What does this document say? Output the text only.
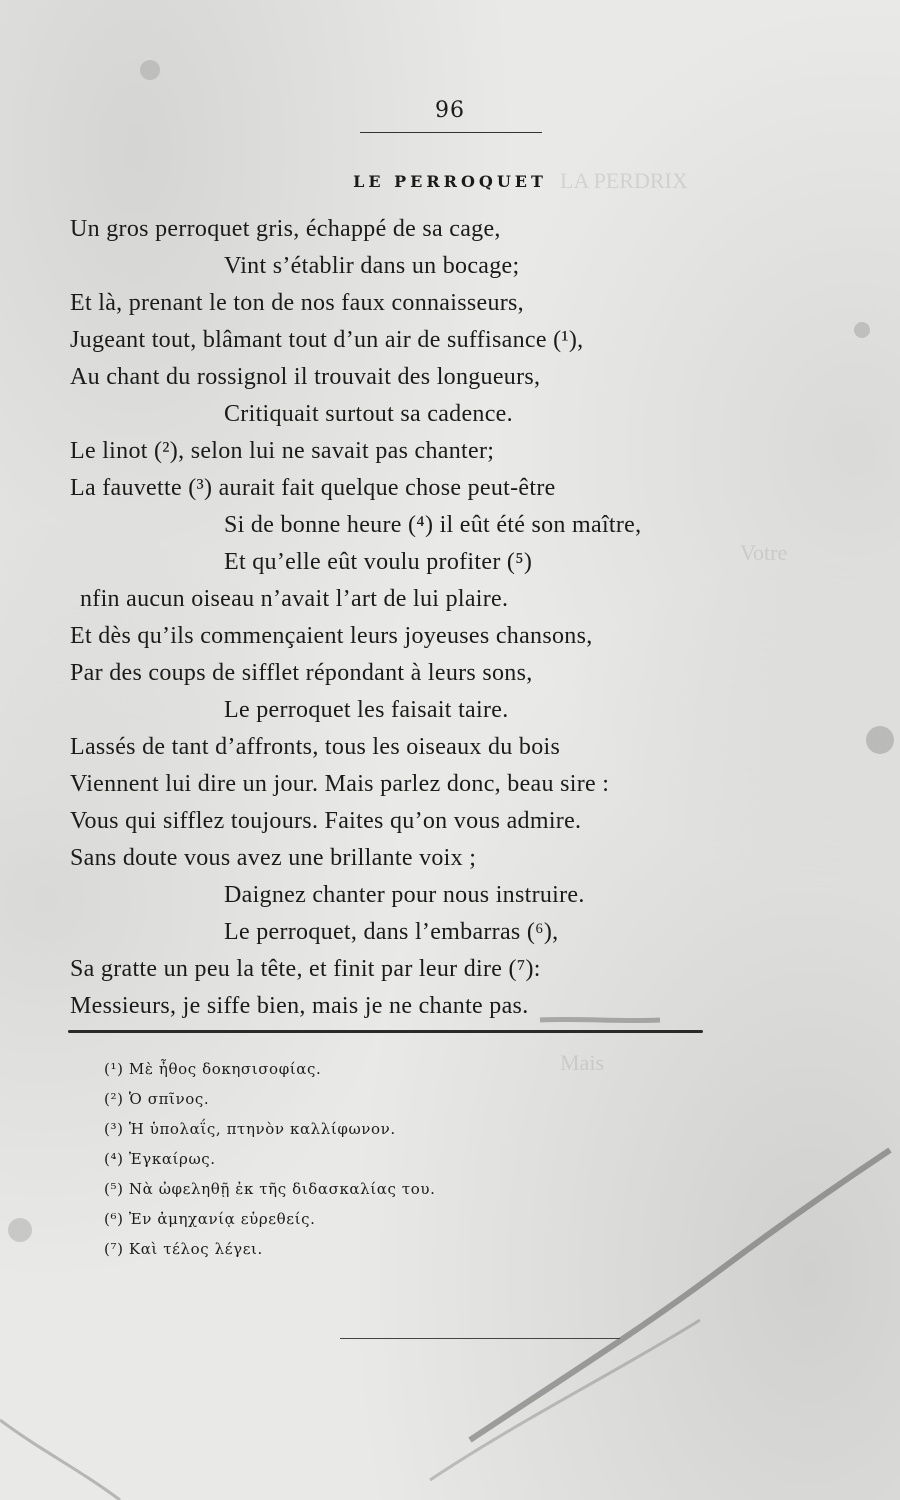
LA PERDRIX
Votre
Mais
96
LE PERROQUET
Un gros perroquet gris, échappé de sa cage,
Vint s’établir dans un bocage;
Et là, prenant le ton de nos faux connaisseurs,
Jugeant tout, blâmant tout d’un air de suffisance (¹),
Au chant du rossignol il trouvait des longueurs,
Critiquait surtout sa cadence.
Le linot (²), selon lui ne savait pas chanter;
La fauvette (³) aurait fait quelque chose peut-être
Si de bonne heure (⁴) il eût été son maître,
Et qu’elle eût voulu profiter (⁵)
nfin aucun oiseau n’avait l’art de lui plaire.
Et dès qu’ils commençaient leurs joyeuses chansons,
Par des coups de sifflet répondant à leurs sons,
Le perroquet les faisait taire.
Lassés de tant d’affronts, tous les oiseaux du bois
Viennent lui dire un jour. Mais parlez donc, beau sire :
Vous qui sifflez toujours. Faites qu’on vous admire.
Sans doute vous avez une brillante voix ;
Daignez chanter pour nous instruire.
Le perroquet, dans l’embarras (⁶),
Sa gratte un peu la tête, et finit par leur dire (⁷):
Messieurs, je siffe bien, mais je ne chante pas.
(¹) Μὲ ἦθος δοκησισοφίας.
(²) Ὁ σπῖνος.
(³) Ἡ ὑπολαΐς, πτηνὸν καλλίφωνον.
(⁴) Ἐγκαίρως.
(⁵) Νὰ ὠφεληθῇ ἐκ τῆς διδασκαλίας του.
(⁶) Ἐν ἀμηχανίᾳ εὑρεθείς.
(⁷) Καὶ τέλος λέγει.
